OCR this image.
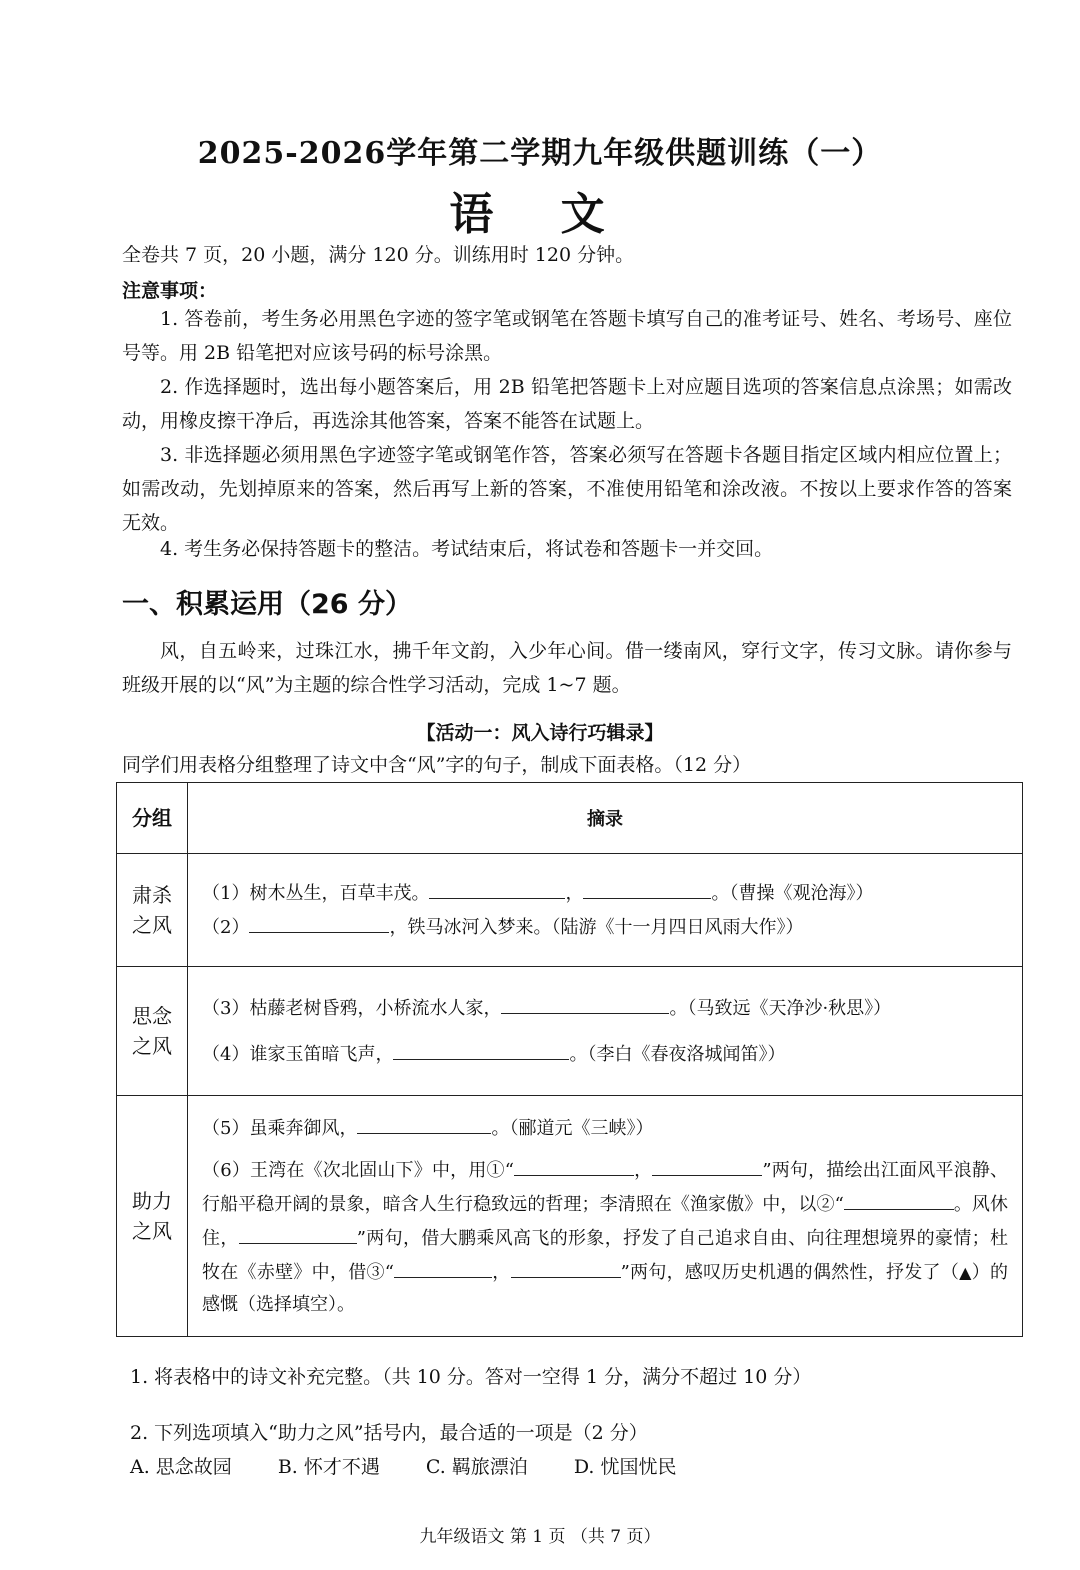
2025-2026学年第二学期九年级供题训练（一）
语 文
全卷共 7 页，20 小题，满分 120 分。训练用时 120 分钟。
注意事项：
1. 答卷前，考生务必用黑色字迹的签字笔或钢笔在答题卡填写自己的准考证号、姓名、考场号、座位号等。用 2B 铅笔把对应该号码的标号涂黑。
2. 作选择题时，选出每小题答案后，用 2B 铅笔把答题卡上对应题目选项的答案信息点涂黑；如需改动，用橡皮擦干净后，再选涂其他答案，答案不能答在试题上。
3. 非选择题必须用黑色字迹签字笔或钢笔作答，答案必须写在答题卡各题目指定区域内相应位置上；如需改动，先划掉原来的答案，然后再写上新的答案，不准使用铅笔和涂改液。不按以上要求作答的答案无效。
4. 考生务必保持答题卡的整洁。考试结束后，将试卷和答题卡一并交回。
一、积累运用（26 分）
风，自五岭来，过珠江水，拂千年文韵，入少年心间。借一缕南风，穿行文字，传习文脉。请你参与班级开展的以“风”为主题的综合性学习活动，完成 1~7 题。
【活动一：风入诗行巧辑录】
同学们用表格分组整理了诗文中含“风”字的句子，制成下面表格。（12 分）
分组	摘录
肃杀之风	（1）树木丛生，百草丰茂。 ， 。（曹操《观沧海》）
（2） ，铁马冰河入梦来。（陆游《十一月四日风雨大作》）

思念之风	（3）枯藤老树昏鸦，小桥流水人家， 。（马致远《天净沙·秋思》）
（4）谁家玉笛暗飞声， 。（李白《春夜洛城闻笛》）

助力之风	（5）虽乘奔御风， 。（郦道元《三峡》）
（6）王湾在《次北固山下》中，用①“ ， ”两句，描绘出江面风平浪静、行船平稳开阔的景象，暗含人生行稳致远的哲理；李清照在《渔家傲》中，以②“ 。风休住， ”两句，借大鹏乘风高飞的形象，抒发了自己追求自由、向往理想境界的豪情；杜牧在《赤壁》中，借③“ ， ”两句，感叹历史机遇的偶然性，抒发了（▲）的感慨（选择填空）。
1. 将表格中的诗文补充完整。（共 10 分。答对一空得 1 分，满分不超过 10 分）
2. 下列选项填入“助力之风”括号内，最合适的一项是（2 分）
A. 思念故园 B. 怀才不遇 C. 羁旅漂泊 D. 忧国忧民
九年级语文 第 1 页 （共 7 页）
